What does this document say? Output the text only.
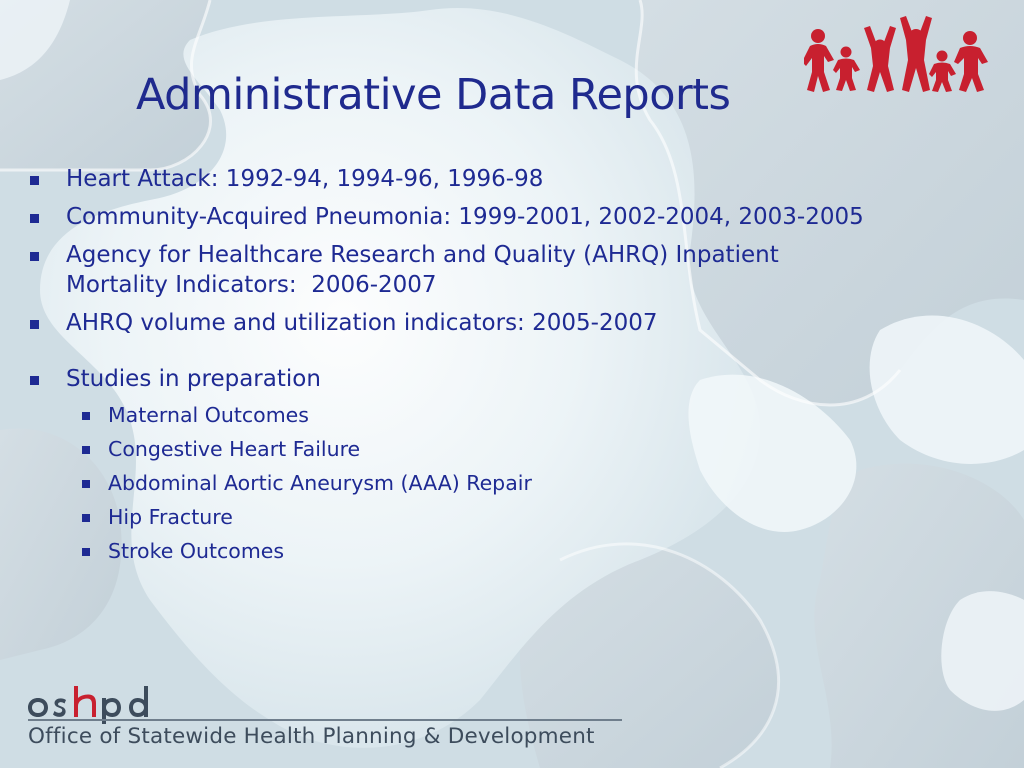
Administrative Data Reports
Heart Attack: 1992-94, 1994-96, 1996-98
Community-Acquired Pneumonia: 1999-2001, 2002-2004, 2003-2005
Agency for Healthcare Research and Quality (AHRQ) Inpatient
Mortality Indicators:  2006-2007
AHRQ volume and utilization indicators: 2005-2007
Studies in preparation
Maternal Outcomes
Congestive Heart Failure
Abdominal Aortic Aneurysm (AAA) Repair
Hip Fracture
Stroke Outcomes
Office of Statewide Health Planning & Development
